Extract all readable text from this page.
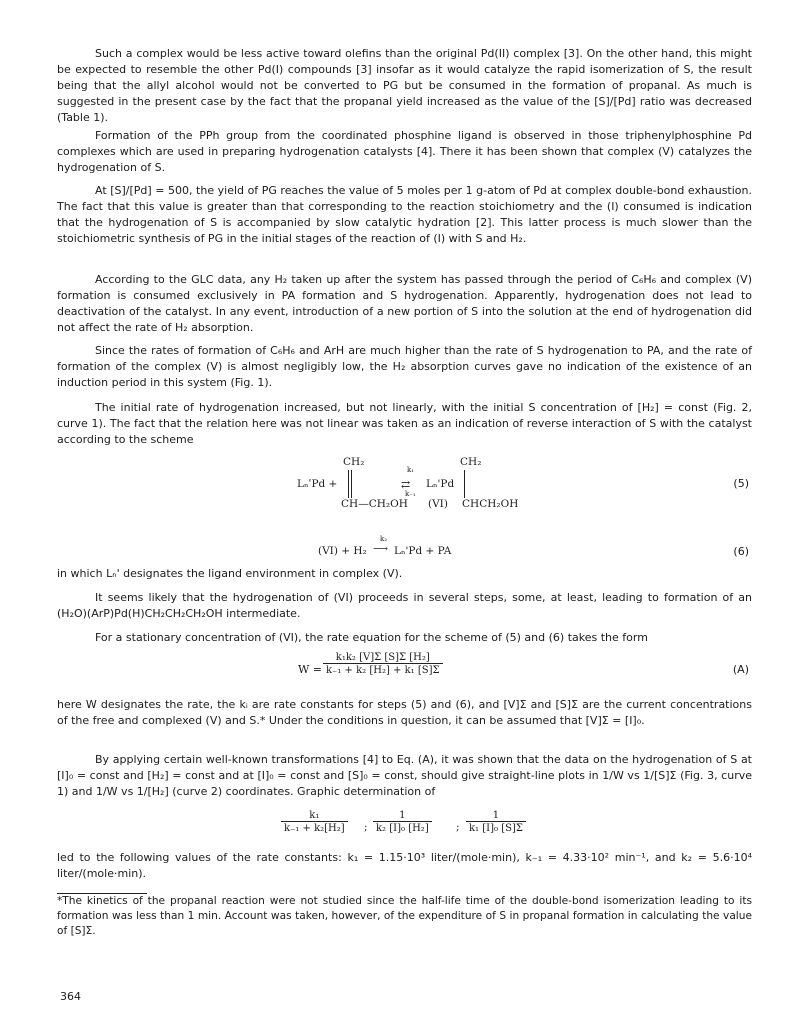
Such a complex would be less active toward olefins than the original Pd(II) complex [3]. On the other hand, this might be expected to resemble the other Pd(I) compounds [3] insofar as it would catalyze the rapid isomerization of S, the result being that the allyl alcohol would not be converted to PG but be consumed in the formation of propanal. As much is suggested in the present case by the fact that the propanal yield increased as the value of the [S]/[Pd] ratio was decreased (Table 1).

Formation of the PPh group from the coordinated phosphine ligand is observed in those triphenylphosphine Pd complexes which are used in preparing hydrogenation catalysts [4]. There it has been shown that complex (V) catalyzes the hydrogenation of S.

At [S]/[Pd] = 500, the yield of PG reaches the value of 5 moles per 1 g-atom of Pd at complex double-bond exhaustion. The fact that this value is greater than that corresponding to the reaction stoichiometry and the (I) consumed is indication that the hydrogenation of S is accompanied by slow catalytic hydration [2]. This latter process is much slower than the stoichiometric synthesis of PG in the initial stages of the reaction of (I) with S and H₂.

According to the GLC data, any H₂ taken up after the system has passed through the period of C₆H₆ and complex (V) formation is consumed exclusively in PA formation and S hydrogenation. Apparently, hydrogenation does not lead to deactivation of the catalyst. In any event, introduction of a new portion of S into the solution at the end of hydrogenation did not affect the rate of H₂ absorption.

Since the rates of formation of C₆H₆ and ArH are much higher than the rate of S hydrogenation to PA, and the rate of formation of the complex (V) is almost negligibly low, the H₂ absorption curves gave no indication of the existence of an induction period in this system (Fig. 1).

The initial rate of hydrogenation increased, but not linearly, with the initial S concentration of [H₂] = const (Fig. 2, curve 1). The fact that the relation here was not linear was taken as an indication of reverse interaction of S with the catalyst according to the scheme

LₙʹPd +
CH₂
CH—CH₂OH
k₁
⇄
k₋₁
Lₙ'Pd
CH₂
(VI) CHCH₂OH
(5)
(VI) + H₂
k₂
⟶ Lₙ'Pd + PA	(6)

in which Lₙ' designates the ligand environment in complex (V).

It seems likely that the hydrogenation of (VI) proceeds in several steps, some, at least, leading to formation of an (H₂O)(ArP)Pd(H)CH₂CH₂CH₂OH intermediate.

For a stationary concentration of (VI), the rate equation for the scheme of (5) and (6) takes the form

$W = \frac{\text{k₁k₂ [V]Σ [S]Σ [H₂]}}{\text{k₋₁ + k₂ [H₂] + k₁ [S]Σ}}$	(A)

here W designates the rate, the kᵢ are rate constants for steps (5) and (6), and [V]Σ and [S]Σ are the current concentrations of the free and complexed (V) and S.* Under the conditions in question, it can be assumed that [V]Σ = [I]₀.

By applying certain well-known transformations [4] to Eq. (A), it was shown that the data on the hydrogenation of S at [I]₀ = const and [H₂] = const and at [I]₀ = const and [S]₀ = const, should give straight-line plots in 1/W vs 1/[S]Σ (Fig. 3, curve 1) and 1/W vs 1/[H₂] (curve 2) coordinates. Graphic determination of

$\frac{\text{k₁}}{\text{k₋₁ + k₂[H₂]}}$ ; $\frac{1}{\text{k₂ [I]₀ [H₂]}}$ ; $\frac{1}{\text{k₁ [I]₀ [S]Σ}}$

led to the following values of the rate constants: k₁ = 1.15·10³ liter/(mole·min), k₋₁ = 4.33·10² min⁻¹, and k₂ = 5.6·10⁴ liter/(mole·min).

*The kinetics of the propanal reaction were not studied since the half-life time of the double-bond isomerization leading to its formation was less than 1 min. Account was taken, however, of the expenditure of S in propanal formation in calculating the value of [S]Σ.

364
